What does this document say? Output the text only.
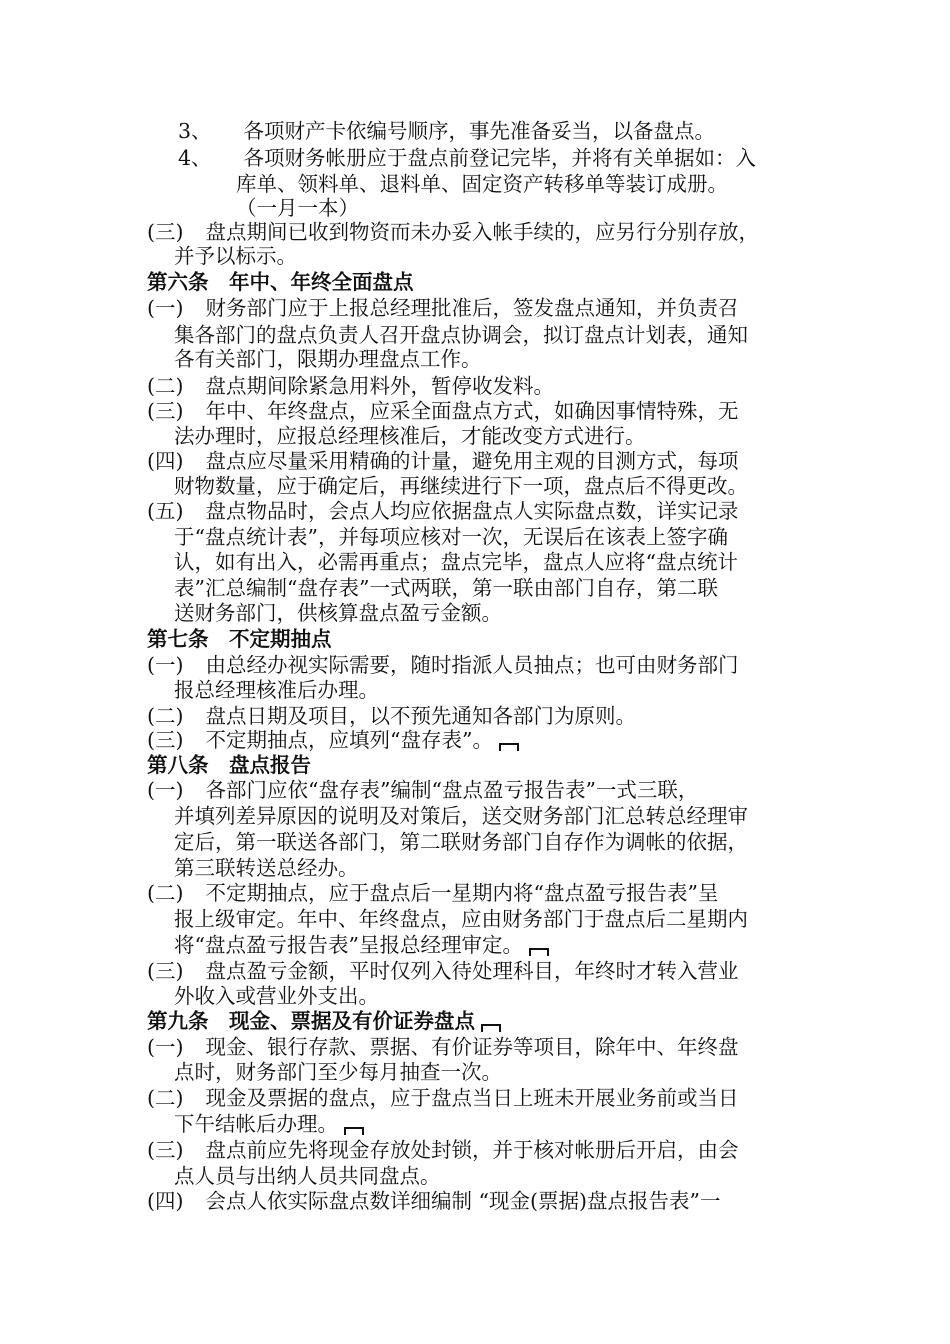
3、 各项财产卡依编号顺序，事先准备妥当，以备盘点。
4、 各项财务帐册应于盘点前登记完毕，并将有关单据如：入
库单、领料单、退料单、固定资产转移单等装订成册。
（一月一本）
(三) 盘点期间已收到物资而未办妥入帐手续的，应另行分别存放，
并予以标示。
第六条　年中、年终全面盘点
(一) 财务部门应于上报总经理批准后，签发盘点通知，并负责召
集各部门的盘点负责人召开盘点协调会，拟订盘点计划表，通知
各有关部门，限期办理盘点工作。
(二) 盘点期间除紧急用料外，暂停收发料。
(三) 年中、年终盘点，应采全面盘点方式，如确因事情特殊，无
法办理时，应报总经理核准后，才能改变方式进行。
(四) 盘点应尽量采用精确的计量，避免用主观的目测方式，每项
财物数量，应于确定后，再继续进行下一项，盘点后不得更改。
(五) 盘点物品时，会点人均应依据盘点人实际盘点数，详实记录
于“盘点统计表”，并每项应核对一次，无误后在该表上签字确
认，如有出入，必需再重点；盘点完毕，盘点人应将“盘点统计
表”汇总编制“盘存表”一式两联，第一联由部门自存，第二联
送财务部门，供核算盘点盈亏金额。
第七条　不定期抽点
(一) 由总经办视实际需要，随时指派人员抽点；也可由财务部门
报总经理核准后办理。
(二) 盘点日期及项目，以不预先通知各部门为原则。
(三) 不定期抽点，应填列“盘存表”。
第八条　盘点报告
(一) 各部门应依“盘存表”编制“盘点盈亏报告表”一式三联，
并填列差异原因的说明及对策后，送交财务部门汇总转总经理审
定后，第一联送各部门，第二联财务部门自存作为调帐的依据，
第三联转送总经办。
(二) 不定期抽点，应于盘点后一星期内将“盘点盈亏报告表”呈
报上级审定。年中、年终盘点，应由财务部门于盘点后二星期内
将“盘点盈亏报告表”呈报总经理审定。
(三) 盘点盈亏金额，平时仅列入待处理科目，年终时才转入营业
外收入或营业外支出。
第九条　现金、票据及有价证券盘点
(一) 现金、银行存款、票据、有价证券等项目，除年中、年终盘
点时，财务部门至少每月抽查一次。
(二) 现金及票据的盘点，应于盘点当日上班未开展业务前或当日
下午结帐后办理。
(三) 盘点前应先将现金存放处封锁，并于核对帐册后开启，由会
点人员与出纳人员共同盘点。
(四) 会点人依实际盘点数详细编制 “现金(票据)盘点报告表”一
